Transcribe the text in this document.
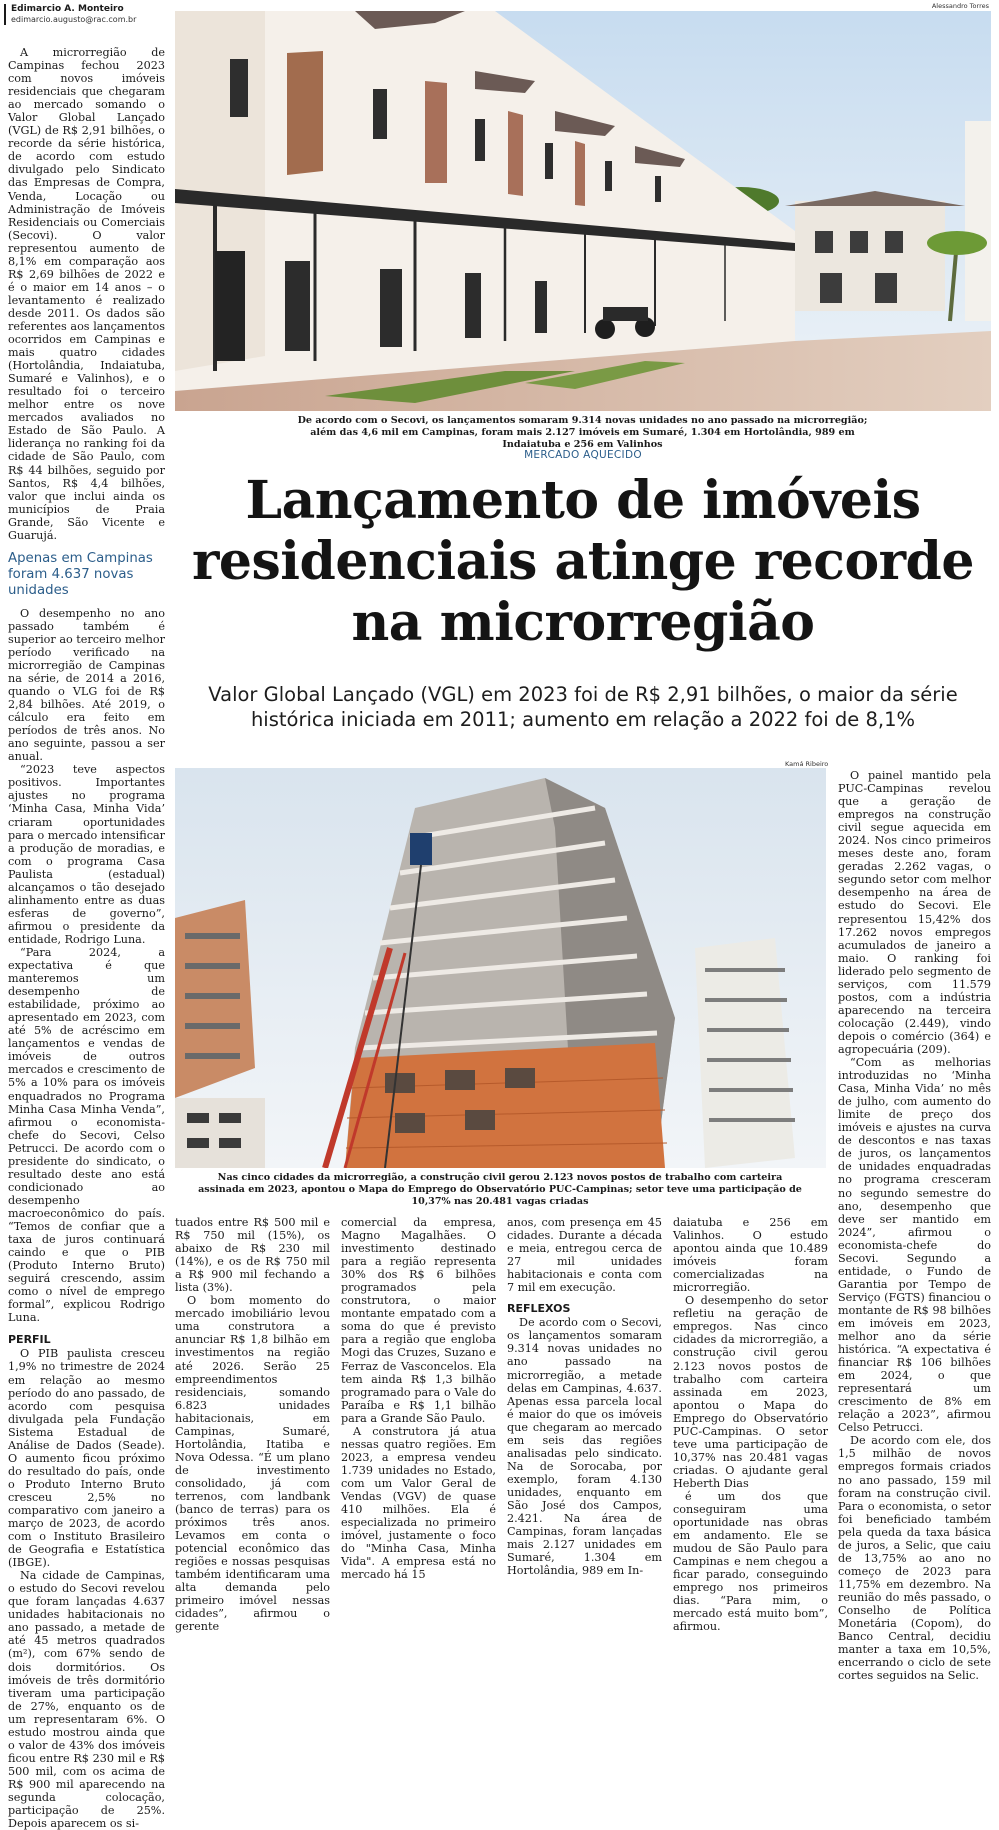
Edimarcio A. Monteiro
edimarcio.augusto@rac.com.br

A microrregião de Campinas fechou 2023 com novos imóveis residenciais que chegaram ao mercado somando o Valor Global Lançado (VGL) de R$ 2,91 bilhões, o recorde da série histórica, de acordo com estudo divulgado pelo Sindicato das Empresas de Compra, Venda, Locação ou Administração de Imóveis Residenciais ou Comerciais (Secovi). O valor representou aumento de 8,1% em comparação aos R$ 2,69 bilhões de 2022 e é o maior em 14 anos – o levantamento é realizado desde 2011. Os dados são referentes aos lançamentos ocorridos em Campinas e mais quatro cidades (Hortolândia, Indaiatuba, Sumaré e Valinhos), e o resultado foi o terceiro melhor entre os nove mercados avaliados no Estado de São Paulo. A liderança no ranking foi da cidade de São Paulo, com R$ 44 bilhões, seguido por Santos, R$ 4,4 bilhões, valor que inclui ainda os municípios de Praia Grande, São Vicente e Guarujá.

Apenas em Campinas foram 4.637 novas unidades

O desempenho no ano passado também é superior ao terceiro melhor período verificado na microrregião de Campinas na série, de 2014 a 2016, quando o VLG foi de R$ 2,84 bilhões. Até 2019, o cálculo era feito em períodos de três anos. No ano seguinte, passou a ser anual.

“2023 teve aspectos positivos. Importantes ajustes no programa ‘Minha Casa, Minha Vida’ criaram oportunidades para o mercado intensificar a produção de moradias, e com o programa Casa Paulista (estadual) alcançamos o tão desejado alinhamento entre as duas esferas de governo”, afirmou o presidente da entidade, Rodrigo Luna.

“Para 2024, a expectativa é que manteremos um desempenho de estabilidade, próximo ao apresentado em 2023, com até 5% de acréscimo em lançamentos e vendas de imóveis de outros mercados e crescimento de 5% a 10% para os imóveis enquadrados no Programa Minha Casa Minha Venda”, afirmou o economista-chefe do Secovi, Celso Petrucci. De acordo com o presidente do sindicato, o resultado deste ano está condicionado ao desempenho macroeconômico do país. “Temos de confiar que a taxa de juros continuará caindo e que o PIB (Produto Interno Bruto) seguirá crescendo, assim como o nível de emprego formal”, explicou Rodrigo Luna.

PERFIL

O PIB paulista cresceu 1,9% no trimestre de 2024 em relação ao mesmo período do ano passado, de acordo com pesquisa divulgada pela Fundação Sistema Estadual de Análise de Dados (Seade). O aumento ficou próximo do resultado do país, onde o Produto Interno Bruto cresceu 2,5% no comparativo com janeiro a março de 2023, de acordo com o Instituto Brasileiro de Geografia e Estatística (IBGE).

Na cidade de Campinas, o estudo do Secovi revelou que foram lançadas 4.637 unidades habitacionais no ano passado, a metade de até 45 metros quadrados (m²), com 67% sendo de dois dormitórios. Os imóveis de três dormitório tiveram uma participação de 27%, enquanto os de um representaram 6%. O estudo mostrou ainda que o valor de 43% dos imóveis ficou entre R$ 230 mil e R$ 500 mil, com os acima de R$ 900 mil aparecendo na segunda colocação, participação de 25%. Depois aparecem os si-

Alessandro Torres
De acordo com o Secovi, os lançamentos somaram 9.314 novas unidades no ano passado na microrregião; além das 4,6 mil em Campinas, foram mais 2.127 imóveis em Sumaré, 1.304 em Hortolândia, 989 em Indaiatuba e 256 em Valinhos
MERCADO AQUECIDO
Lançamento de imóveis
residenciais atinge recorde
na microrregião
Valor Global Lançado (VGL) em 2023 foi de R$ 2,91 bilhões, o maior da série
histórica iniciada em 2011; aumento em relação a 2022 foi de 8,1%
Kamá Ribeiro
Nas cinco cidades da microrregião, a construção civil gerou 2.123 novos postos de trabalho com carteira assinada em 2023, apontou o Mapa do Emprego do Observatório PUC-Campinas; setor teve uma participação de 10,37% nas 20.481 vagas criadas

O painel mantido pela PUC-Campinas revelou que a geração de empregos na construção civil segue aquecida em 2024. Nos cinco primeiros meses deste ano, foram geradas 2.262 vagas, o segundo setor com melhor desempenho na área de estudo do Secovi. Ele representou 15,42% dos 17.262 novos empregos acumulados de janeiro a maio. O ranking foi liderado pelo segmento de serviços, com 11.579 postos, com a indústria aparecendo na terceira colocação (2.449), vindo depois o comércio (364) e agropecuária (209).

“Com as melhorias introduzidas no ‘Minha Casa, Minha Vida’ no mês de julho, com aumento do limite de preço dos imóveis e ajustes na curva de descontos e nas taxas de juros, os lançamentos de unidades enquadradas no programa cresceram no segundo semestre do ano, desempenho que deve ser mantido em 2024”, afirmou o economista-chefe do Secovi. Segundo a entidade, o Fundo de Garantia por Tempo de Serviço (FGTS) financiou o montante de R$ 98 bilhões em imóveis em 2023, melhor ano da série histórica. “A expectativa é financiar R$ 106 bilhões em 2024, o que representará um crescimento de 8% em relação a 2023”, afirmou Celso Petrucci.

De acordo com ele, dos 1,5 milhão de novos empregos formais criados no ano passado, 159 mil foram na construção civil. Para o economista, o setor foi beneficiado também pela queda da taxa básica de juros, a Selic, que caiu de 13,75% ao ano no começo de 2023 para 11,75% em dezembro. Na reunião do mês passado, o Conselho de Política Monetária (Copom), do Banco Central, decidiu manter a taxa em 10,5%, encerrando o ciclo de sete cortes seguidos na Selic.

tuados entre R$ 500 mil e R$ 750 mil (15%), os abaixo de R$ 230 mil (14%), e os de R$ 750 mil a R$ 900 mil fechando a lista (3%).

O bom momento do mercado imobiliário levou uma construtora a anunciar R$ 1,8 bilhão em investimentos na região até 2026. Serão 25 empreendimentos residenciais, somando 6.823 unidades habitacionais, em Campinas, Sumaré, Hortolândia, Itatiba e Nova Odessa. “É um plano de investimento consolidado, já com terrenos, com landbank (banco de terras) para os próximos três anos. Levamos em conta o potencial econômico das regiões e nossas pesquisas também identificaram uma alta demanda pelo primeiro imóvel nessas cidades”, afirmou o gerente

comercial da empresa, Magno Magalhães. O investimento destinado para a região representa 30% dos R$ 6 bilhões programados pela construtora, o maior montante empatado com a soma do que é previsto para a região que engloba Mogi das Cruzes, Suzano e Ferraz de Vasconcelos. Ela tem ainda R$ 1,3 bilhão programado para o Vale do Paraíba e R$ 1,1 bilhão para a Grande São Paulo.

A construtora já atua nessas quatro regiões. Em 2023, a empresa vendeu 1.739 unidades no Estado, com um Valor Geral de Vendas (VGV) de quase 410 milhões. Ela é especializada no primeiro imóvel, justamente o foco do "Minha Casa, Minha Vida". A empresa está no mercado há 15

anos, com presença em 45 cidades. Durante a década e meia, entregou cerca de 27 mil unidades habitacionais e conta com 7 mil em execução.

REFLEXOS

De acordo com o Secovi, os lançamentos somaram 9.314 novas unidades no ano passado na microrregião, a metade delas em Campinas, 4.637. Apenas essa parcela local é maior do que os imóveis que chegaram ao mercado em seis das regiões analisadas pelo sindicato. Na de Sorocaba, por exemplo, foram 4.130 unidades, enquanto em São José dos Campos, 2.421. Na área de Campinas, foram lançadas mais 2.127 unidades em Sumaré, 1.304 em Hortolândia, 989 em In-

daiatuba e 256 em Valinhos. O estudo apontou ainda que 10.489 imóveis foram comercializadas na microrregião.

O desempenho do setor refletiu na geração de empregos. Nas cinco cidades da microrregião, a construção civil gerou 2.123 novos postos de trabalho com carteira assinada em 2023, apontou o Mapa do Emprego do Observatório PUC-Campinas. O setor teve uma participação de 10,37% nas 20.481 vagas criadas. O ajudante geral Heberth Dias

é um dos que conseguiram uma oportunidade nas obras em andamento. Ele se mudou de São Paulo para Campinas e nem chegou a ficar parado, conseguindo emprego nos primeiros dias. “Para mim, o mercado está muito bom”, afirmou.
